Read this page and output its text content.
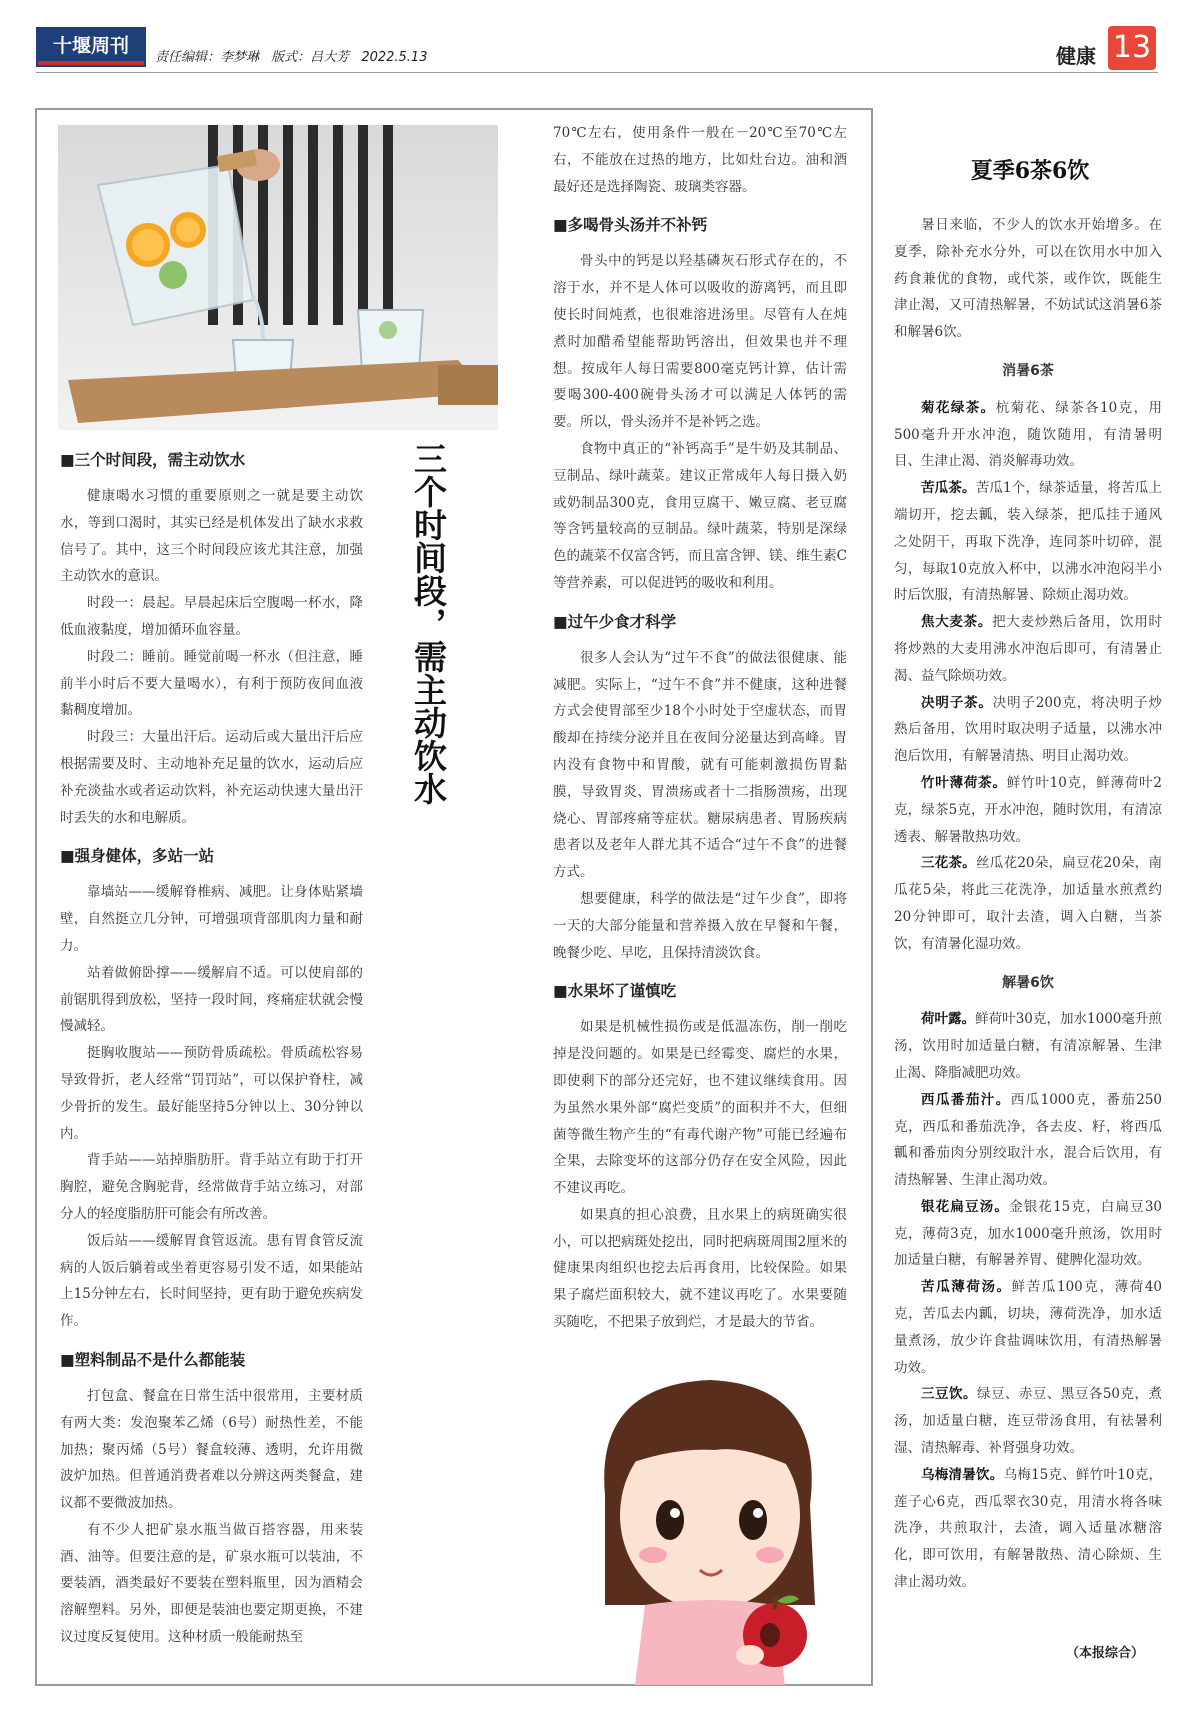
十堰周刊
责任编辑：李梦琳 版式：吕大芳 2022.5.13	健康 13
三个时间段，需主动饮水
■三个时间段，需主动饮水

健康喝水习惯的重要原则之一就是要主动饮水，等到口渴时，其实已经是机体发出了缺水求救信号了。其中，这三个时间段应该尤其注意，加强主动饮水的意识。

时段一：晨起。早晨起床后空腹喝一杯水，降低血液黏度，增加循环血容量。

时段二：睡前。睡觉前喝一杯水（但注意，睡前半小时后不要大量喝水），有利于预防夜间血液黏稠度增加。

时段三：大量出汗后。运动后或大量出汗后应根据需要及时、主动地补充足量的饮水，运动后应补充淡盐水或者运动饮料，补充运动快速大量出汗时丢失的水和电解质。

■强身健体，多站一站

靠墙站——缓解脊椎病、减肥。让身体贴紧墙壁，自然挺立几分钟，可增强项背部肌肉力量和耐力。

站着做俯卧撑——缓解肩不适。可以使肩部的前锯肌得到放松，坚持一段时间，疼痛症状就会慢慢减轻。

挺胸收腹站——预防骨质疏松。骨质疏松容易导致骨折，老人经常“罚罚站”，可以保护脊柱，减少骨折的发生。最好能坚持5分钟以上、30分钟以内。

背手站——站掉脂肪肝。背手站立有助于打开胸腔，避免含胸驼背，经常做背手站立练习，对部分人的轻度脂肪肝可能会有所改善。

饭后站——缓解胃食管返流。患有胃食管反流病的人饭后躺着或坐着更容易引发不适，如果能站上15分钟左右，长时间坚持，更有助于避免疾病发作。

■塑料制品不是什么都能装

打包盒、餐盒在日常生活中很常用，主要材质有两大类：发泡聚苯乙烯（6号）耐热性差，不能加热；聚丙烯（5号）餐盒较薄、透明，允许用微波炉加热。但普通消费者难以分辨这两类餐盒，建议都不要微波加热。

有不少人把矿泉水瓶当做百搭容器，用来装酒、油等。但要注意的是，矿泉水瓶可以装油，不要装酒，酒类最好不要装在塑料瓶里，因为酒精会溶解塑料。另外，即便是装油也要定期更换，不建议过度反复使用。这种材质一般能耐热至

70℃左右，使用条件一般在－20℃至70℃左右，不能放在过热的地方，比如灶台边。油和酒最好还是选择陶瓷、玻璃类容器。

■多喝骨头汤并不补钙

骨头中的钙是以羟基磷灰石形式存在的，不溶于水，并不是人体可以吸收的游离钙，而且即使长时间炖煮，也很难溶进汤里。尽管有人在炖煮时加醋希望能帮助钙溶出，但效果也并不理想。按成年人每日需要800毫克钙计算，估计需要喝300-400碗骨头汤才可以满足人体钙的需要。所以，骨头汤并不是补钙之选。

食物中真正的“补钙高手”是牛奶及其制品、豆制品、绿叶蔬菜。建议正常成年人每日摄入奶或奶制品300克，食用豆腐干、嫩豆腐、老豆腐等含钙量较高的豆制品。绿叶蔬菜，特别是深绿色的蔬菜不仅富含钙，而且富含钾、镁、维生素C等营养素，可以促进钙的吸收和利用。

■过午少食才科学

很多人会认为“过午不食”的做法很健康、能减肥。实际上，“过午不食”并不健康，这种进餐方式会使胃部至少18个小时处于空虚状态，而胃酸却在持续分泌并且在夜间分泌量达到高峰。胃内没有食物中和胃酸，就有可能刺激损伤胃黏膜，导致胃炎、胃溃疡或者十二指肠溃疡，出现烧心、胃部疼痛等症状。糖尿病患者、胃肠疾病患者以及老年人群尤其不适合“过午不食”的进餐方式。

想要健康，科学的做法是“过午少食”，即将一天的大部分能量和营养摄入放在早餐和午餐，晚餐少吃、早吃，且保持清淡饮食。

■水果坏了谨慎吃

如果是机械性损伤或是低温冻伤，削一削吃掉是没问题的。如果是已经霉变、腐烂的水果，即使剩下的部分还完好，也不建议继续食用。因为虽然水果外部“腐烂变质”的面积并不大，但细菌等微生物产生的“有毒代谢产物”可能已经遍布全果，去除变坏的这部分仍存在安全风险，因此不建议再吃。

如果真的担心浪费，且水果上的病斑确实很小，可以把病斑处挖出，同时把病斑周围2厘米的健康果肉组织也挖去后再食用，比较保险。如果果子腐烂面积较大，就不建议再吃了。水果要随买随吃，不把果子放到烂，才是最大的节省。

夏季6茶6饮

暑日来临，不少人的饮水开始增多。在夏季，除补充水分外，可以在饮用水中加入药食兼优的食物，或代茶，或作饮，既能生津止渴，又可清热解暑，不妨试试这消暑6茶和解暑6饮。

消暑6茶

菊花绿茶。杭菊花、绿茶各10克，用500毫升开水冲泡，随饮随用，有清暑明目、生津止渴、消炎解毒功效。

苦瓜茶。苦瓜1个，绿茶适量，将苦瓜上端切开，挖去瓤，装入绿茶，把瓜挂于通风之处阴干，再取下洗净，连同茶叶切碎，混匀，每取10克放入杯中，以沸水冲泡闷半小时后饮服，有清热解暑、除烦止渴功效。

焦大麦茶。把大麦炒熟后备用，饮用时将炒熟的大麦用沸水冲泡后即可，有清暑止渴、益气除烦功效。

决明子茶。决明子200克，将决明子炒熟后备用，饮用时取决明子适量，以沸水冲泡后饮用，有解暑清热、明目止渴功效。

竹叶薄荷茶。鲜竹叶10克，鲜薄荷叶2克，绿茶5克，开水冲泡，随时饮用，有清凉透表、解暑散热功效。

三花茶。丝瓜花20朵，扁豆花20朵，南瓜花5朵，将此三花洗净，加适量水煎煮约20分钟即可，取汁去渣，调入白糖，当茶饮，有清暑化湿功效。

解暑6饮

荷叶露。鲜荷叶30克，加水1000毫升煎汤，饮用时加适量白糖，有清凉解暑、生津止渴、降脂减肥功效。

西瓜番茄汁。西瓜1000克，番茄250克，西瓜和番茄洗净，各去皮、籽，将西瓜瓤和番茄肉分别绞取汁水，混合后饮用，有清热解暑、生津止渴功效。

银花扁豆汤。金银花15克，白扁豆30克，薄荷3克，加水1000毫升煎汤，饮用时加适量白糖，有解暑养胃、健脾化湿功效。

苦瓜薄荷汤。鲜苦瓜100克，薄荷40克，苦瓜去内瓤，切块，薄荷洗净，加水适量煮汤，放少许食盐调味饮用，有清热解暑功效。

三豆饮。绿豆、赤豆、黑豆各50克，煮汤，加适量白糖，连豆带汤食用，有祛暑利湿、清热解毒、补肾强身功效。

乌梅清暑饮。乌梅15克、鲜竹叶10克，莲子心6克，西瓜翠衣30克，用清水将各味洗净，共煎取汁，去渣，调入适量冰糖溶化，即可饮用，有解暑散热、清心除烦、生津止渴功效。

（本报综合）
